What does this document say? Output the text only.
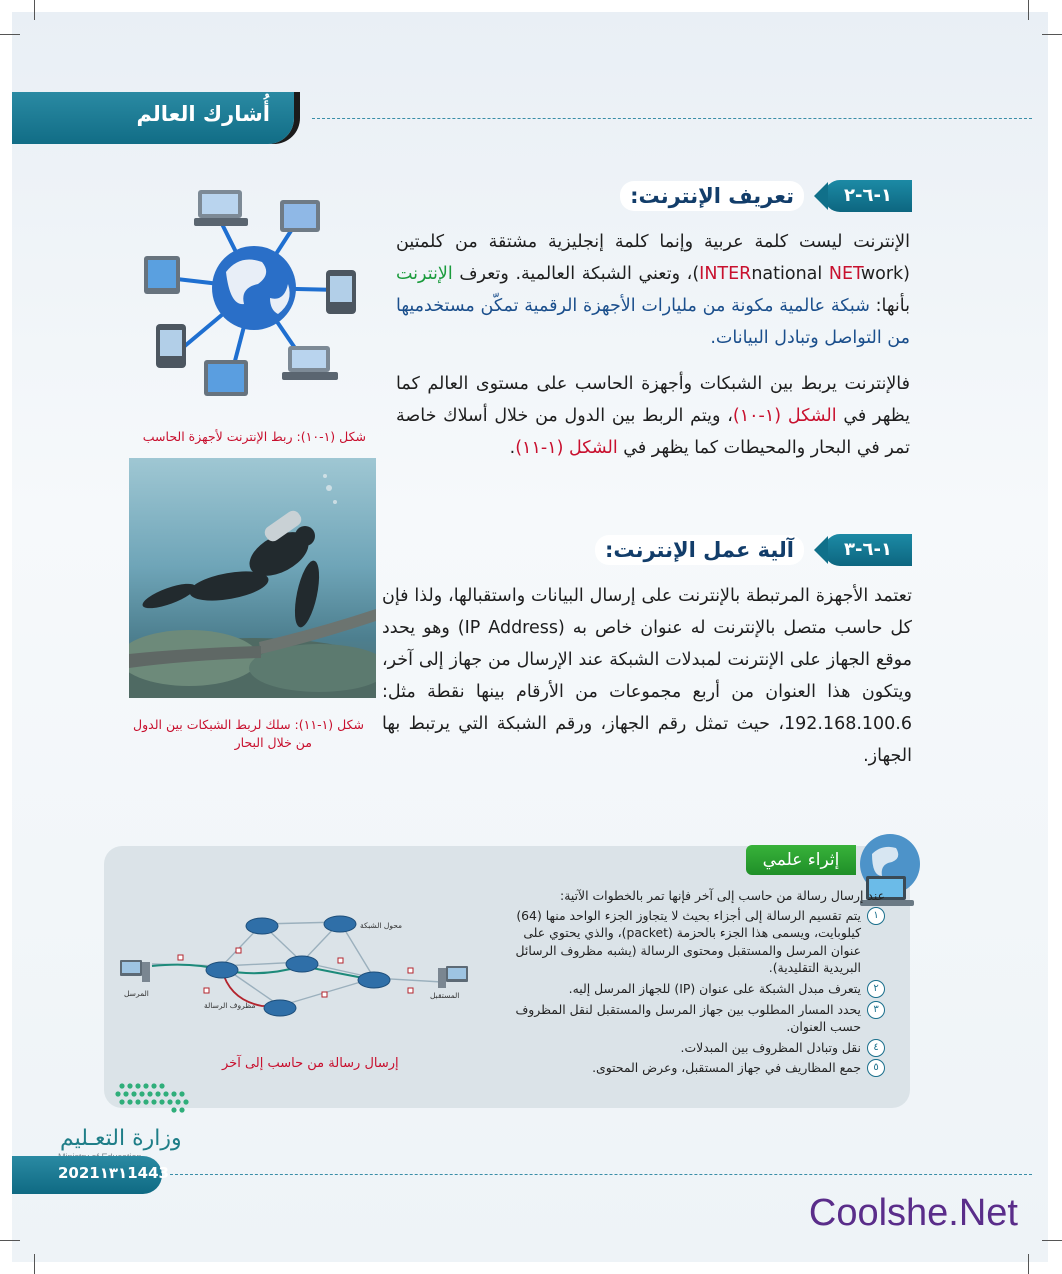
أُشارك العالم
١-٦-٢
تعريف الإنترنت:

الإنترنت ليست كلمة عربية وإنما كلمة إنجليزية مشتقة من كلمتين (INTERnational NETwork)، وتعني الشبكة العالمية. وتعرف الإنترنت بأنها: شبكة عالمية مكونة من مليارات الأجهزة الرقمية تمكّن مستخدميها من التواصل وتبادل البيانات.

فالإنترنت يربط بين الشبكات وأجهزة الحاسب على مستوى العالم كما يظهر في الشكل (١-١٠)، ويتم الربط بين الدول من خلال أسلاك خاصة تمر في البحار والمحيطات كما يظهر في الشكل (١-١١).

شكل (١-١٠): ربط الإنترنت لأجهزة الحاسب
شكل (١-١١): سلك لربط الشبكات بين الدول
من خلال البحار
١-٦-٣
آلية عمل الإنترنت:

تعتمد الأجهزة المرتبطة بالإنترنت على إرسال البيانات واستقبالها، ولذا فإن كل حاسب متصل بالإنترنت له عنوان خاص به (IP Address) وهو يحدد موقع الجهاز على الإنترنت لمبدلات الشبكة عند الإرسال من جهاز إلى آخر، ويتكون هذا العنوان من أربع مجموعات من الأرقام بينها نقطة مثل: 192.168.100.6، حيث تمثل رقم الجهاز، ورقم الشبكة التي يرتبط بها الجهاز.

إثراء علمي

عند إرسال رسالة من حاسب إلى آخر فإنها تمر بالخطوات الآتية:

١
يتم تقسيم الرسالة إلى أجزاء بحيث لا يتجاوز الجزء الواحد منها (64) كيلوبايت، ويسمى هذا الجزء بالحزمة (packet)، والذي يحتوي على عنوان المرسل والمستقبل ومحتوى الرسالة (يشبه مظروف الرسائل البريدية التقليدية).
٢
يتعرف مبدل الشبكة على عنوان (IP) للجهاز المرسل إليه.
٣
يحدد المسار المطلوب بين جهاز المرسل والمستقبل لنقل المظروف حسب العنوان.
٤
نقل وتبادل المظروف بين المبدلات.
٥
جمع المظاريف في جهاز المستقبل، وعرض المحتوى.
محول الشبكة
المرسل	المستقبل
مظروف الرسالة
إرسال رسالة من حاسب إلى آخر
وزارة التعـليم
2021١٣١1443
Coolshe.Net
